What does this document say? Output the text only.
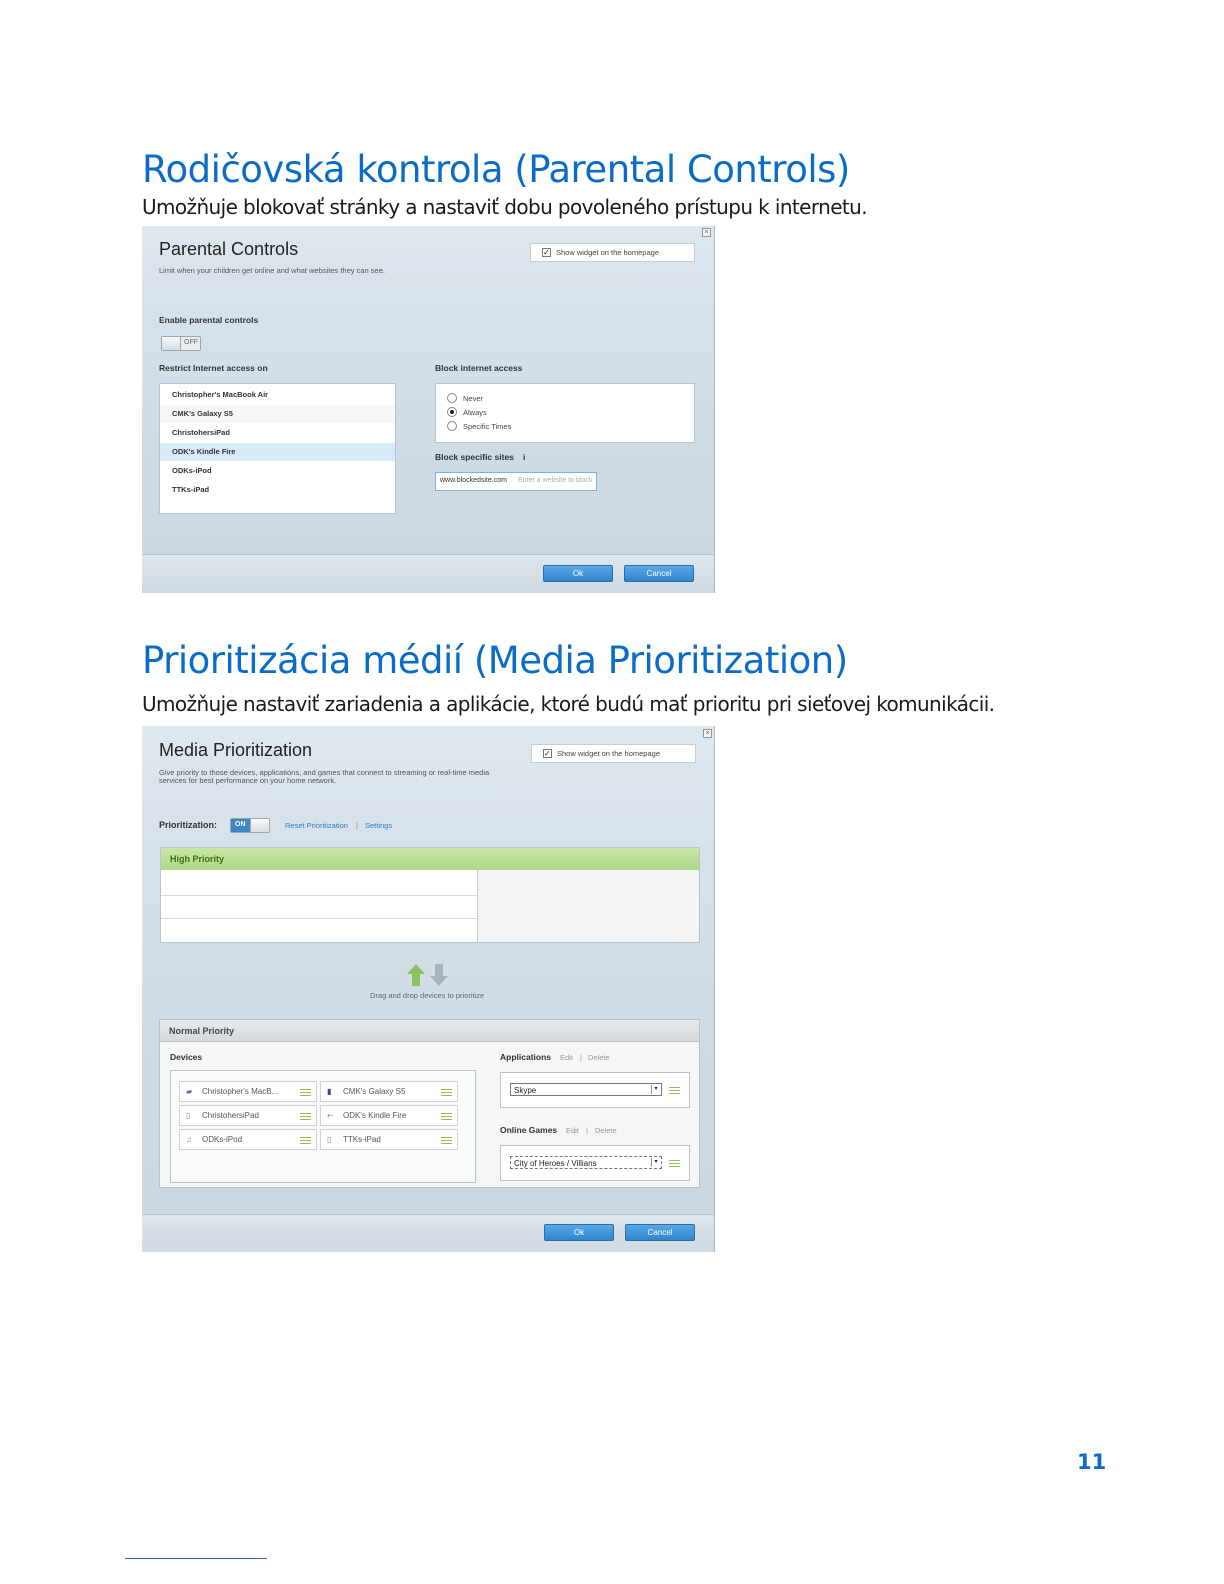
Rodičovská kontrola (Parental Controls)
Umožňuje blokovať stránky a nastaviť dobu povoleného prístupu k internetu.
Parental Controls
Limit when your children get online and what websites they can see.
×
✓ Show widget on the homepage
Enable parental controls
OFF
Restrict Internet access on
Christopher's MacBook Air
CMK's Galaxy S5
ChristohersiPad
ODK's Kindle Fire
ODKs-iPod
TTKs-iPad
Block internet access
Never
Always
Specific Times
Block specific sites i
www.blockedsite.com Enter a website to block
Ok	Cancel
Prioritizácia médií (Media Prioritization)
Umožňuje nastaviť zariadenia a aplikácie, ktoré budú mať prioritu pri sieťovej komunikácii.
Media Prioritization
Give priority to those devices, applications, and games that connect to streaming or real-time media
services for best performance on your home network.
×
✓ Show widget on the homepage
Prioritization:	ON	Reset Prioritization | Settings
High Priority
Drag and drop devices to prioritize
Normal Priority
Devices
▰ Christopher's MacB...	▮ CMK's Galaxy S5
▯ ChristohersiPad	⇠ ODK's Kindle Fire
♫ ODKs-iPod	▯ TTKs-iPad
Applications Edit | Delete
Skype	▾
Online Games Edit | Delete
City of Heroes / Villians	▾
Ok	Cancel
11
